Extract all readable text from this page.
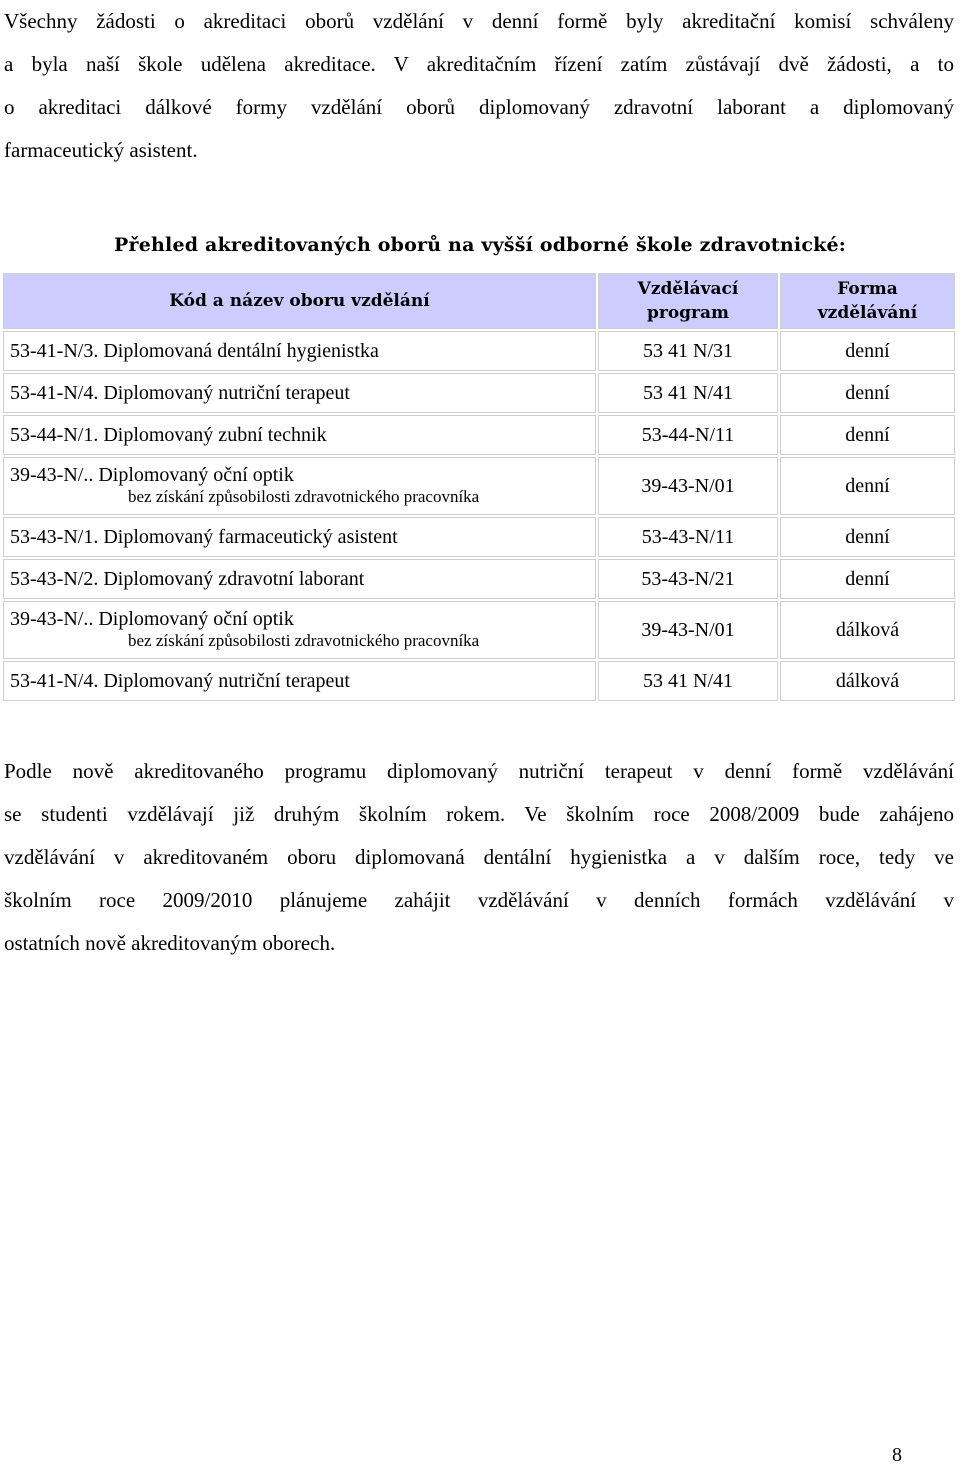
Všechny žádosti o akreditaci oborů vzdělání v denní formě byly akreditační komisí schváleny
a byla naší škole udělena akreditace. V akreditačním řízení zatím zůstávají dvě žádosti, a to
o akreditaci dálkové formy vzdělání oborů diplomovaný zdravotní laborant a diplomovaný
farmaceutický asistent.
Přehled akreditovaných oborů na vyšší odborné škole zdravotnické:
Kód a název oboru vzdělání	Vzdělávací program	Forma vzdělávání
53-41-N/3. Diplomovaná dentální hygienistka	53 41 N/31	denní
53-41-N/4. Diplomovaný nutriční terapeut	53 41 N/41	denní
53-44-N/1. Diplomovaný zubní technik	53-44-N/11	denní
39-43-N/.. Diplomovaný oční optik
bez získání způsobilosti zdravotnického pracovníka	39-43-N/01	denní
53-43-N/1. Diplomovaný farmaceutický asistent	53-43-N/11	denní
53-43-N/2. Diplomovaný zdravotní laborant	53-43-N/21	denní
39-43-N/.. Diplomovaný oční optik
bez získání způsobilosti zdravotnického pracovníka	39-43-N/01	dálková
53-41-N/4. Diplomovaný nutriční terapeut	53 41 N/41	dálková
Podle nově akreditovaného programu diplomovaný nutriční terapeut v denní formě vzdělávání
se studenti vzdělávají již druhým školním rokem. Ve školním roce 2008/2009 bude zahájeno
vzdělávání v akreditovaném oboru diplomovaná dentální hygienistka a v dalším roce, tedy ve
školním roce 2009/2010 plánujeme zahájit vzdělávání v denních formách vzdělávání v
ostatních nově akreditovaným oborech.
8
